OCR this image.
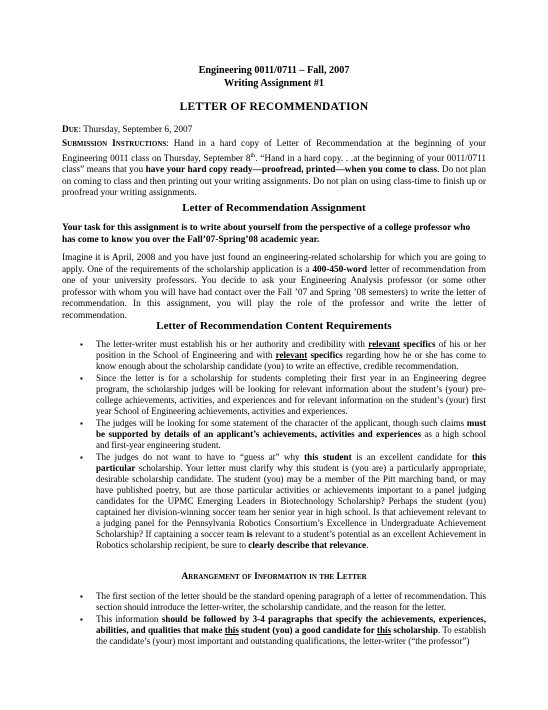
Engineering 0011/0711 – Fall, 2007
Writing Assignment #1
LETTER OF RECOMMENDATION
Due: Thursday, September 6, 2007
Submission Instructions: Hand in a hard copy of Letter of Recommendation at the beginning of your Engineering 0011 class on Thursday, September 8th. “Hand in a hard copy. . .at the beginning of your 0011/0711 class” means that you have your hard copy ready—proofread, printed—when you come to class. Do not plan on coming to class and then printing out your writing assignments. Do not plan on using class-time to finish up or proofread your writing assignments.
Letter of Recommendation Assignment
Your task for this assignment is to write about yourself from the perspective of a college professor who has come to know you over the Fall’07-Spring’08 academic year.
Imagine it is April, 2008 and you have just found an engineering-related scholarship for which you are going to apply. One of the requirements of the scholarship application is a 400-450-word letter of recommendation from one of your university professors. You decide to ask your Engineering Analysis professor (or some other professor with whom you will have had contact over the Fall ’07 and Spring ’08 semesters) to write the letter of recommendation. In this assignment, you will play the role of the professor and write the letter of recommendation.
Letter of Recommendation Content Requirements
▪ The letter-writer must establish his or her authority and credibility with relevant specifics of his or her position in the School of Engineering and with relevant specifics regarding how he or she has come to know enough about the scholarship candidate (you) to write an effective, credible recommendation.
▪ Since the letter is for a scholarship for students completing their first year in an Engineering degree program, the scholarship judges will be looking for relevant information about the student’s (your) pre-college achievements, activities, and experiences and for relevant information on the student’s (your) first year School of Engineering achievements, activities and experiences.
▪ The judges will be looking for some statement of the character of the applicant, though such claims must be supported by details of an applicant’s achievements, activities and experiences as a high school and first-year engineering student.
▪ The judges do not want to have to “guess at” why this student is an excellent candidate for this particular scholarship. Your letter must clarify why this student is (you are) a particularly appropriate, desirable scholarship candidate. The student (you) may be a member of the Pitt marching band, or may have published poetry, but are those particular activities or achievements important to a panel judging candidates for the UPMC Emerging Leaders in Biotechnology Scholarship? Perhaps the student (you) captained her division-winning soccer team her senior year in high school. Is that achievement relevant to a judging panel for the Pennsylvania Robotics Consortium’s Excellence in Undergraduate Achievement Scholarship? If captaining a soccer team is relevant to a student’s potential as an excellent Achievement in Robotics scholarship recipient, be sure to clearly describe that relevance.
Arrangement of Information in the Letter
▪ The first section of the letter should be the standard opening paragraph of a letter of recommendation. This section should introduce the letter-writer, the scholarship candidate, and the reason for the letter.
▪ This information should be followed by 3-4 paragraphs that specify the achievements, experiences, abilities, and qualities that make this student (you) a good candidate for this scholarship. To establish the candidate’s (your) most important and outstanding qualifications, the letter-writer (“the professor”)
